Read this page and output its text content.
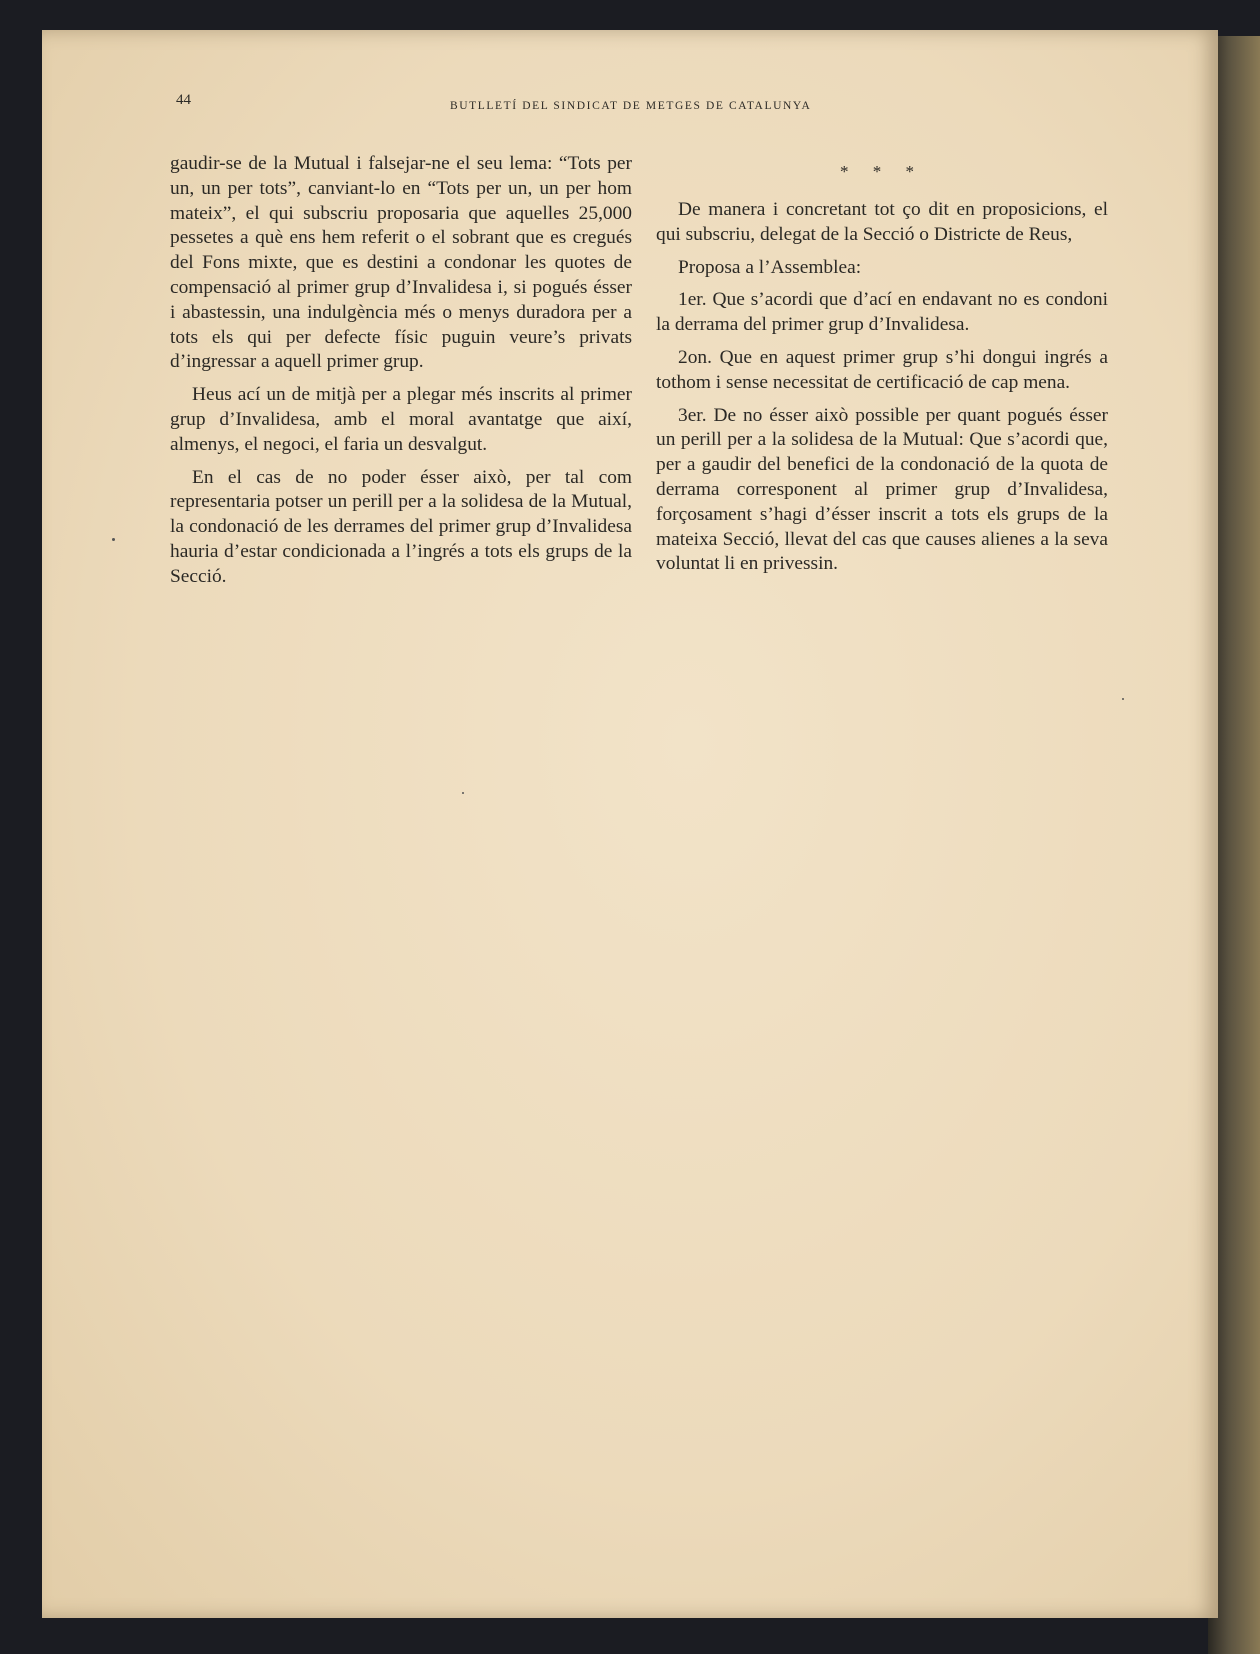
44	BUTLLETÍ DEL SINDICAT DE METGES DE CATALUNYA

gaudir-se de la Mutual i falsejar-ne el seu lema: “Tots per un, un per tots”, canviant-lo en “Tots per un, un per hom mateix”, el qui subscriu proposaria que aquelles 25,000 pessetes a què ens hem referit o el sobrant que es cregués del Fons mixte, que es destini a condonar les quotes de compensació al primer grup d’Invalidesa i, si pogués ésser i abastessin, una indulgència més o menys duradora per a tots els qui per defecte físic puguin veure’s privats d’ingressar a aquell primer grup.

Heus ací un de mitjà per a plegar més inscrits al primer grup d’Invalidesa, amb el moral avantatge que així, almenys, el negoci, el faria un desvalgut.

En el cas de no poder ésser això, per tal com representaria potser un perill per a la solidesa de la Mutual, la condonació de les derrames del primer grup d’Invalidesa hauria d’estar condicionada a l’ingrés a tots els grups de la Secció.

* * *

De manera i concretant tot ço dit en proposicions, el qui subscriu, delegat de la Secció o Districte de Reus,

Proposa a l’Assemblea:

1er. Que s’acordi que d’ací en endavant no es condoni la derrama del primer grup d’Invalidesa.

2on. Que en aquest primer grup s’hi dongui ingrés a tothom i sense necessitat de certificació de cap mena.

3er. De no ésser això possible per quant pogués ésser un perill per a la solidesa de la Mutual: Que s’acordi que, per a gaudir del benefici de la condonació de la quota de derrama corresponent al primer grup d’Invalidesa, forçosament s’hagi d’ésser inscrit a tots els grups de la mateixa Secció, llevat del cas que causes alienes a la seva voluntat li en privessin.
